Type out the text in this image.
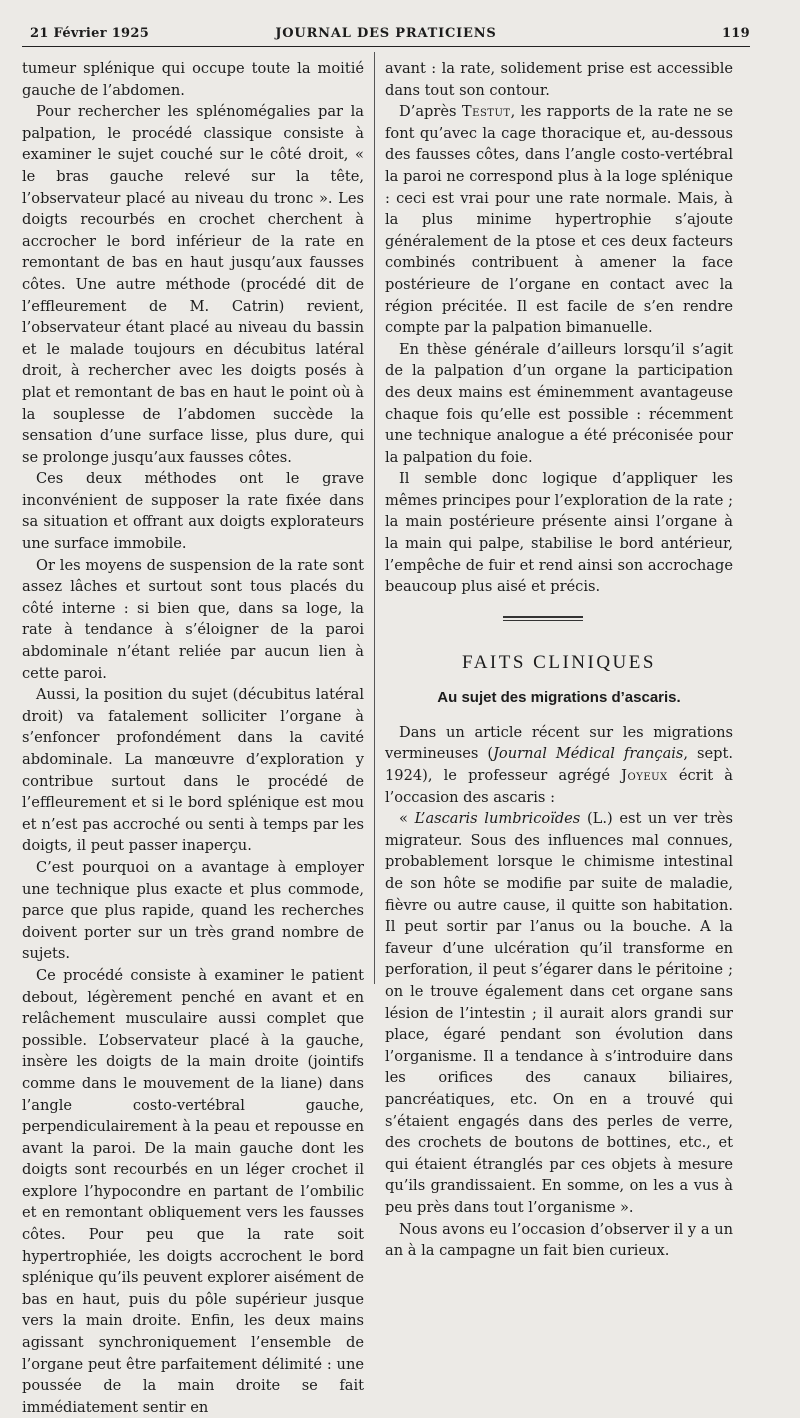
21 Février 1925	JOURNAL DES PRATICIENS	119

tumeur splénique qui occupe toute la moitié gauche de l’abdomen.

Pour rechercher les splénomégalies par la palpation, le procédé classique consiste à examiner le sujet couché sur le côté droit, « le bras gauche relevé sur la tête, l’observateur placé au niveau du tronc ». Les doigts recourbés en crochet cherchent à accrocher le bord inférieur de la rate en remontant de bas en haut jusqu’aux fausses côtes. Une autre méthode (procédé dit de l’effleurement de M. Catrin) revient, l’observateur étant placé au niveau du bassin et le malade toujours en décubitus latéral droit, à rechercher avec les doigts posés à plat et remontant de bas en haut le point où à la souplesse de l’abdomen succède la sensation d’une surface lisse, plus dure, qui se prolonge jusqu’aux fausses côtes.

Ces deux méthodes ont le grave inconvénient de supposer la rate fixée dans sa situation et offrant aux doigts explorateurs une surface immobile.

Or les moyens de suspension de la rate sont assez lâches et surtout sont tous placés du côté interne : si bien que, dans sa loge, la rate à tendance à s’éloigner de la paroi abdominale n’étant reliée par aucun lien à cette paroi.

Aussi, la position du sujet (décubitus latéral droit) va fatalement solliciter l’organe à s’enfoncer profondément dans la cavité abdominale. La manœuvre d’exploration y contribue surtout dans le procédé de l’effleurement et si le bord splénique est mou et n’est pas accroché ou senti à temps par les doigts, il peut passer inaperçu.

C’est pourquoi on a avantage à employer une technique plus exacte et plus commode, parce que plus rapide, quand les recherches doivent porter sur un très grand nombre de sujets.

Ce procédé consiste à examiner le patient debout, légèrement penché en avant et en relâchement musculaire aussi complet que possible. L’observateur placé à la gauche, insère les doigts de la main droite (jointifs comme dans le mouvement de la liane) dans l’angle costo-vertébral gauche, perpendiculairement à la peau et repousse en avant la paroi. De la main gauche dont les doigts sont recourbés en un léger crochet il explore l’hypocondre en partant de l’ombilic et en remontant obliquement vers les fausses côtes. Pour peu que la rate soit hypertrophiée, les doigts accrochent le bord splénique qu’ils peuvent explorer aisément de bas en haut, puis du pôle supérieur jusque vers la main droite. Enfin, les deux mains agissant synchroniquement l’ensemble de l’organe peut être parfaitement délimité : une poussée de la main droite se fait immédiatement sentir en

avant : la rate, solidement prise est accessible dans tout son contour.

D’après Testut, les rapports de la rate ne se font qu’avec la cage thoracique et, au-dessous des fausses côtes, dans l’angle costo-vertébral la paroi ne correspond plus à la loge splénique : ceci est vrai pour une rate normale. Mais, à la plus minime hypertrophie s’ajoute généralement de la ptose et ces deux facteurs combinés contribuent à amener la face postérieure de l’organe en contact avec la région précitée. Il est facile de s’en rendre compte par la palpation bimanuelle.

En thèse générale d’ailleurs lorsqu’il s’agit de la palpation d’un organe la participation des deux mains est éminemment avantageuse chaque fois qu’elle est possible : récemment une technique analogue a été préconisée pour la palpation du foie.

Il semble donc logique d’appliquer les mêmes principes pour l’exploration de la rate ; la main postérieure présente ainsi l’organe à la main qui palpe, stabilise le bord antérieur, l’empêche de fuir et rend ainsi son accrochage beaucoup plus aisé et précis.

FAITS CLINIQUES
Au sujet des migrations d’ascaris.

Dans un article récent sur les migrations vermineuses (Journal Médical français, sept. 1924), le professeur agrégé Joyeux écrit à l’occasion des ascaris :

« L’ascaris lumbricoïdes (L.) est un ver très migrateur. Sous des influences mal connues, probablement lorsque le chimisme intestinal de son hôte se modifie par suite de maladie, fièvre ou autre cause, il quitte son habitation. Il peut sortir par l’anus ou la bouche. A la faveur d’une ulcération qu’il transforme en perforation, il peut s’égarer dans le péritoine ; on le trouve également dans cet organe sans lésion de l’intestin ; il aurait alors grandi sur place, égaré pendant son évolution dans l’organisme. Il a tendance à s’introduire dans les orifices des canaux biliaires, pancréatiques, etc. On en a trouvé qui s’étaient engagés dans des perles de verre, des crochets de boutons de bottines, etc., et qui étaient étranglés par ces objets à mesure qu’ils grandissaient. En somme, on les a vus à peu près dans tout l’organisme ».

Nous avons eu l’occasion d’observer il y a un an à la campagne un fait bien curieux.
